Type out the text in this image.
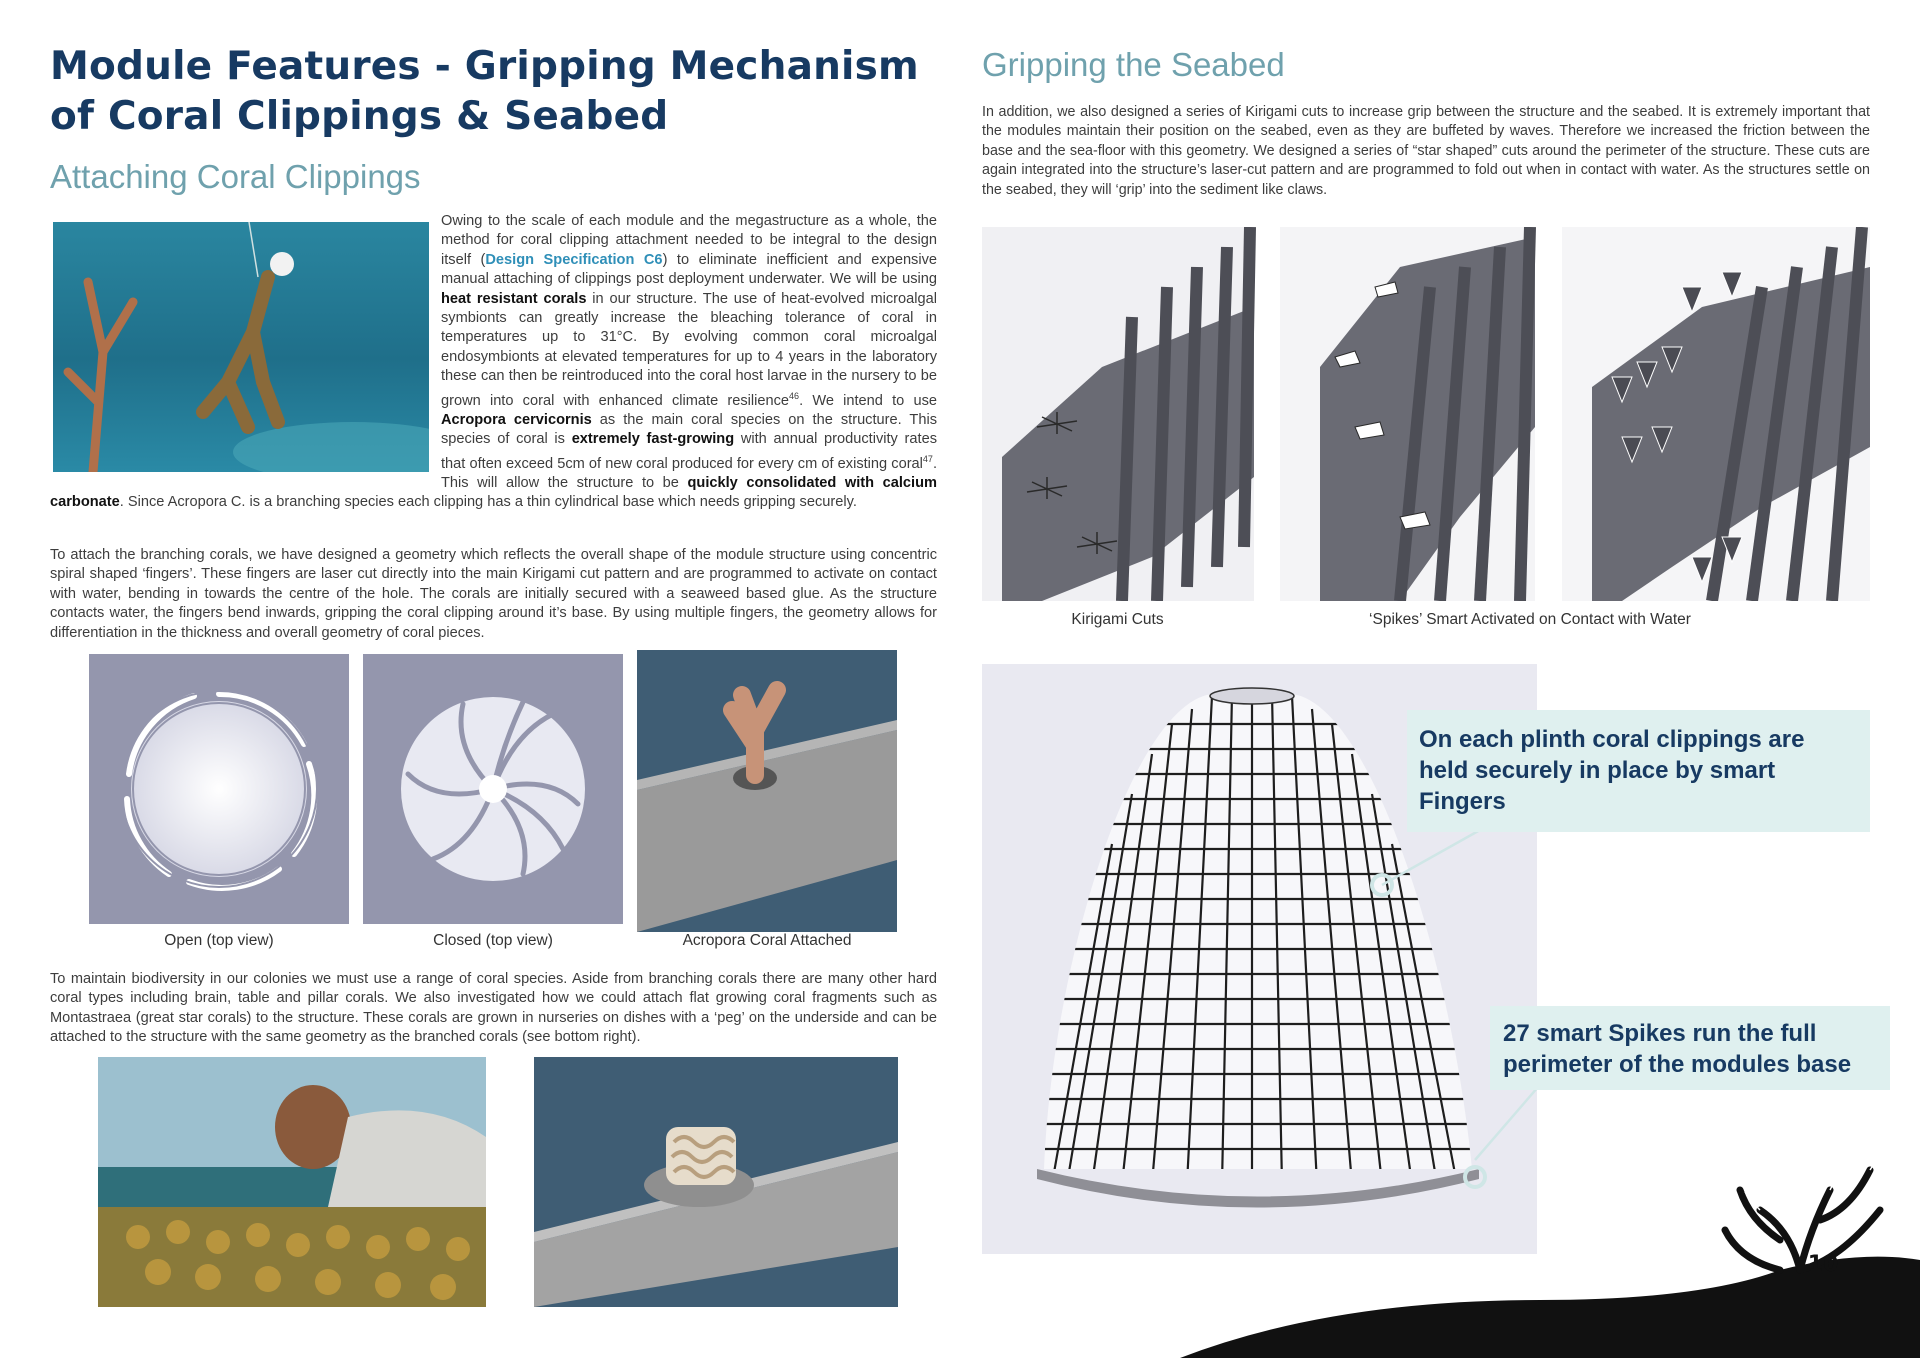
Module Features - Gripping Mechanism of Coral Clippings & Seabed
Attaching Coral Clippings
Owing to the scale of each module and the megastructure as a whole, the method for coral clipping attachment needed to be integral to the design itself (Design Specification C6) to eliminate inefficient and expensive manual attaching of clippings post deployment underwater. We will be using heat resistant corals in our structure. The use of heat-evolved microalgal symbionts can greatly increase the bleaching tolerance of coral in temperatures up to 31°C. By evolving common coral microalgal endosymbionts at elevated temperatures for up to 4 years in the laboratory these can then be reintroduced into the coral host larvae in the nursery to be grown into coral with enhanced climate resilience$^{46}$. We intend to use Acropora cervicornis as the main coral species on the structure. This species of coral is extremely fast-growing with annual productivity rates that often exceed 5cm of new coral produced for every cm of existing coral$^{47}$. This will allow the structure to be quickly consolidated with calcium carbonate. Since Acropora C. is a branching species each clipping has a thin cylindrical base which needs gripping securely.
To attach the branching corals, we have designed a geometry which reflects the overall shape of the module structure using concentric spiral shaped ‘fingers’. These fingers are laser cut directly into the main Kirigami cut pattern and are programmed to activate on contact with water, bending in towards the centre of the hole. The corals are initially secured with a seaweed based glue. As the structure contacts water, the fingers bend inwards, gripping the coral clipping around it’s base. By using multiple fingers, the geometry allows for differentiation in the thickness and overall geometry of coral pieces.
Open (top view)	Closed (top view)	Acropora Coral Attached
To maintain biodiversity in our colonies we must use a range of coral species. Aside from branching corals there are many other hard coral types including brain, table and pillar corals. We also investigated how we could attach flat growing coral fragments such as Montastraea (great star corals) to the structure. These corals are grown in nurseries on dishes with a ‘peg’ on the underside and can be attached to the structure with the same geometry as the branched corals (see bottom right).
Gripping the Seabed
In addition, we also designed a series of Kirigami cuts to increase grip between the structure and the seabed. It is extremely important that the modules maintain their position on the seabed, even as they are buffeted by waves. Therefore we increased the friction between the base and the sea-floor with this geometry. We designed a series of “star shaped” cuts around the perimeter of the structure. These cuts are again integrated into the structure’s laser-cut pattern and are programmed to fold out when in contact with water. As the structures settle on the seabed, they will ‘grip’ into the sediment like claws.
Kirigami Cuts	‘Spikes’ Smart Activated on Contact with Water
On each plinth coral clippings are held securely in place by smart Fingers
27 smart Spikes run the full perimeter of the modules base
10
